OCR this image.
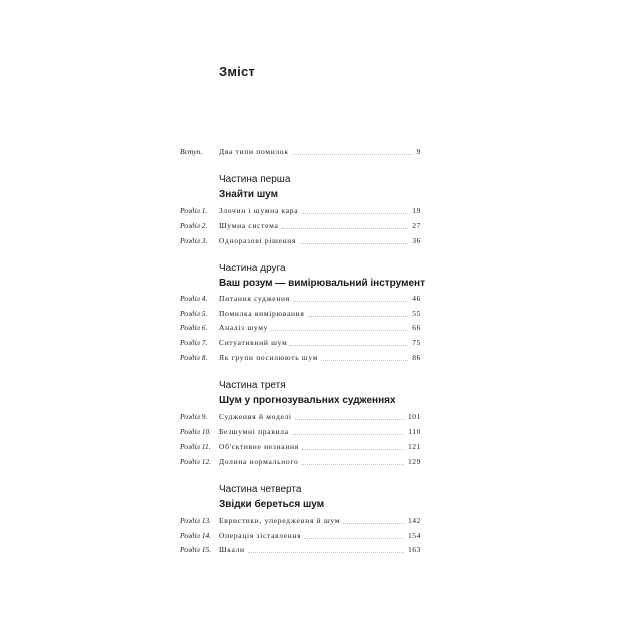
Зміст
Вступ.	Два типи помилок	9
Частина перша
Знайти шум
Розділ 1.	Злочин і шумна кара	19
Розділ 2.	Шумна система	27
Розділ 3.	Одноразові рішення	36
Частина друга
Ваш розум — вимірювальний інструмент
Розділ 4.	Питання судження	46
Розділ 5.	Помилка вимірювання	55
Розділ 6.	Аналіз шуму	66
Розділ 7.	Ситуативний шум	75
Розділ 8.	Як групи посилюють шум	86
Частина третя
Шум у прогнозувальних судженнях
Розділ 9.	Судження й моделі	101
Розділ 10.	Безшумні правила	110
Розділ 11.	Об'єктивне незнання	121
Розділ 12.	Долина нормального	129
Частина четверта
Звідки береться шум
Розділ 13.	Евристики, упередження й шум	142
Розділ 14.	Операція зіставлення	154
Розділ 15.	Шкали	163
